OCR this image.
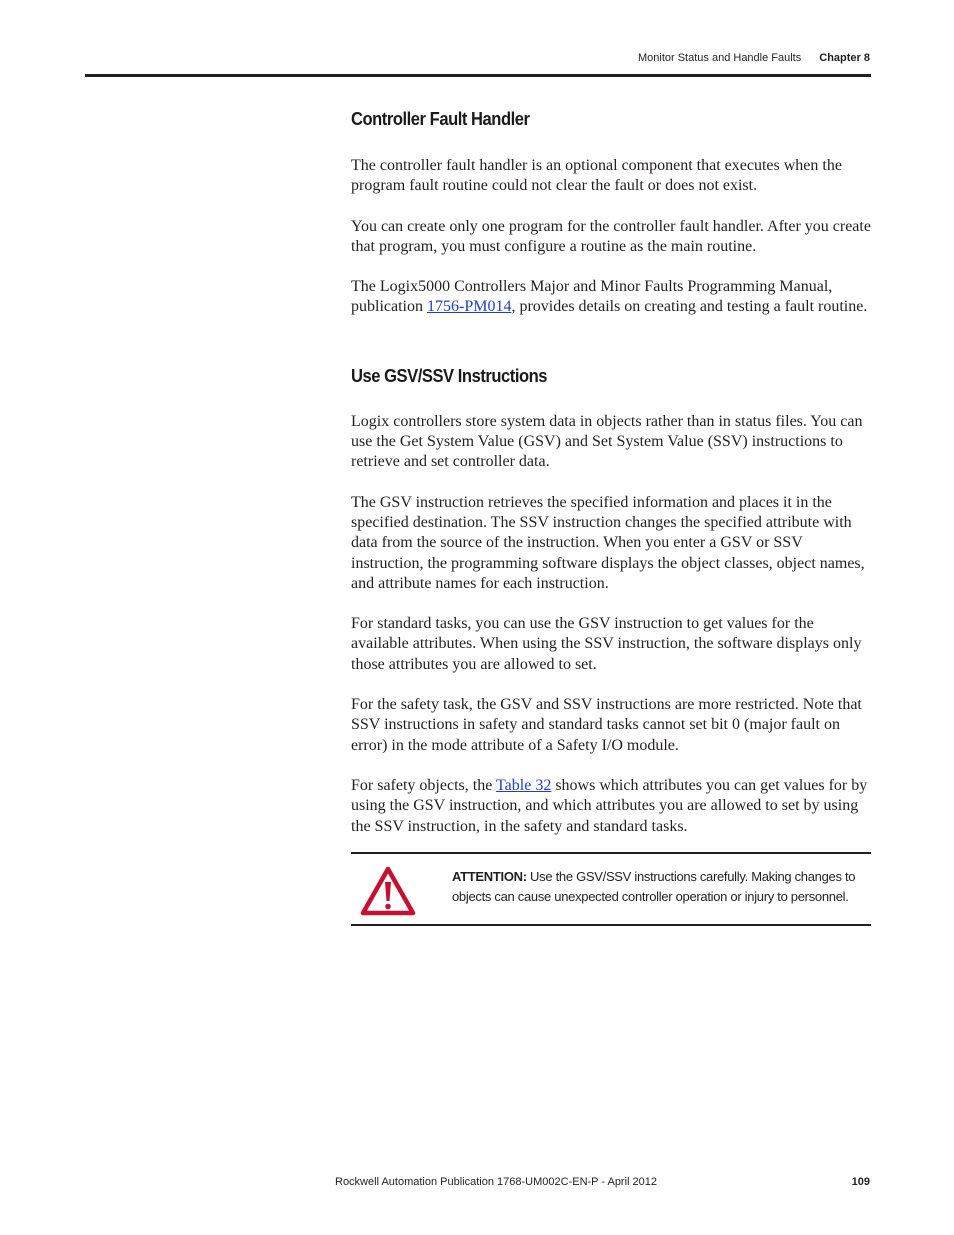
Monitor Status and Handle Faults Chapter 8
Controller Fault Handler

The controller fault handler is an optional component that executes when the program fault routine could not clear the fault or does not exist.

You can create only one program for the controller fault handler. After you create that program, you must configure a routine as the main routine.

The Logix5000 Controllers Major and Minor Faults Programming Manual, publication 1756-PM014, provides details on creating and testing a fault routine.

Use GSV/SSV Instructions

Logix controllers store system data in objects rather than in status files. You can use the Get System Value (GSV) and Set System Value (SSV) instructions to retrieve and set controller data.

The GSV instruction retrieves the specified information and places it in the specified destination. The SSV instruction changes the specified attribute with data from the source of the instruction. When you enter a GSV or SSV instruction, the programming software displays the object classes, object names, and attribute names for each instruction.

For standard tasks, you can use the GSV instruction to get values for the available attributes. When using the SSV instruction, the software displays only those attributes you are allowed to set.

For the safety task, the GSV and SSV instructions are more restricted. Note that SSV instructions in safety and standard tasks cannot set bit 0 (major fault on error) in the mode attribute of a Safety I/O module.

For safety objects, the Table 32 shows which attributes you can get values for by using the GSV instruction, and which attributes you are allowed to set by using the SSV instruction, in the safety and standard tasks.

ATTENTION: Use the GSV/SSV instructions carefully. Making changes to objects can cause unexpected controller operation or injury to personnel.
Rockwell Automation Publication 1768-UM002C-EN-P - April 2012	109
